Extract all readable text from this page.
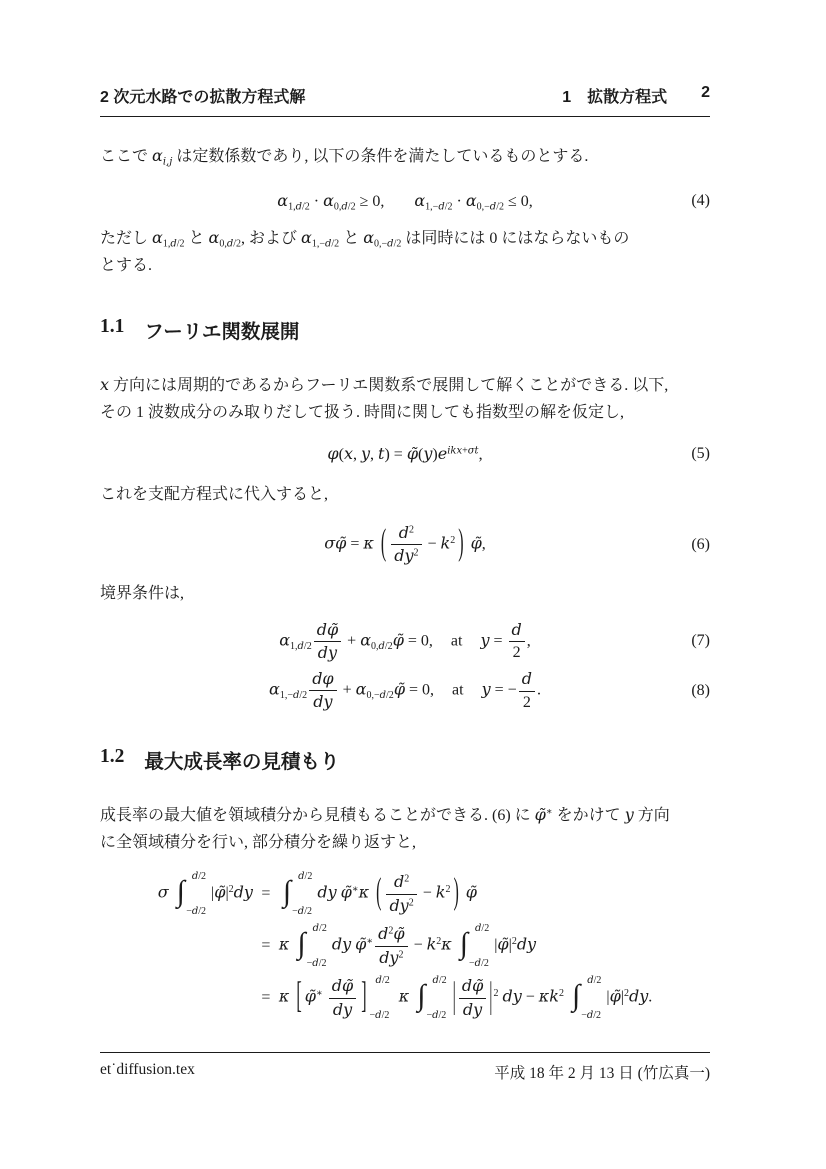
2 次元水路での拡散方程式解	1　拡散方程式 2

ここで $\alpha_{i,j}$ は定数係数であり, 以下の条件を満たしているものとする.

$\alpha_{1,d/2} \cdot \alpha_{0,d/2} \ge 0$, $\alpha_{1,-d/2} \cdot \alpha_{0,-d/2} \le 0$,	(4)

ただし $\alpha_{1,d/2}$ と $\alpha_{0,d/2}$, および $\alpha_{1,-d/2}$ と $\alpha_{0,-d/2}$ は同時には 0 にはならないもの
とする.

1.1 フーリエ関数展開

x 方向には周期的であるからフーリエ関数系で展開して解くことができる. 以下,
その 1 波数成分のみ取りだして扱う. 時間に関しても指数型の解を仮定し,

φ(x, y, $t) = \varphĩ(y)e^{ikx+\sigma t}$,	(5)

これを支配方程式に代入すると,

σφ̃ = κ ( $\frac{d^2}{dy^2} - k^2$ ) φ̃,	(6)

境界条件は,

$\alpha_{1,d/2} \frac{d\varphĩ}{dy}$ + $\alpha_{0,d/2}\varphĩ = 0$, at $y = \frac{d}{2}$ ,	(7)
$\alpha_{1,-d/2} \frac{d\varphi}{dy}$ + $\alpha_{0,-d/2}\varphĩ = 0$, at y = − $\frac{d}{2}$ .	(8)
1.2 最大成長率の見積もり

成長率の最大値を領域積分から見積もることができる. (6) に φ̃∗ をかけて y 方向
に全領域積分を行い, 部分積分を繰り返すと,

σ ∫ d/2
−d/2
$|\varphĩ|^2dy$ = ∫ d/2
−d/2
dy φ̃∗κ ( $\frac{d^2}{dy^2} - k^2$ ) φ̃
= κ ∫ d/2
−d/2
dy φ̃∗ $\frac{d^2\varphĩ}{dy^2} - k^2\kappa$ ∫ d/2
−d/2
$|\varphĩ|^2dy$
= κ [ φ̃∗ $\frac{d\varphĩ}{dy}$ ] d/2
−d/2
κ ∫ d/2
−d/2 | $\frac{d\varphĩ}{dy} |^2$ dy − $\kappa k^2$ ∫ d/2
−d/2
$|\varphĩ|^2dy$.
et˙diffusion.tex	平成 18 年 2 月 13 日 (竹広真一)
